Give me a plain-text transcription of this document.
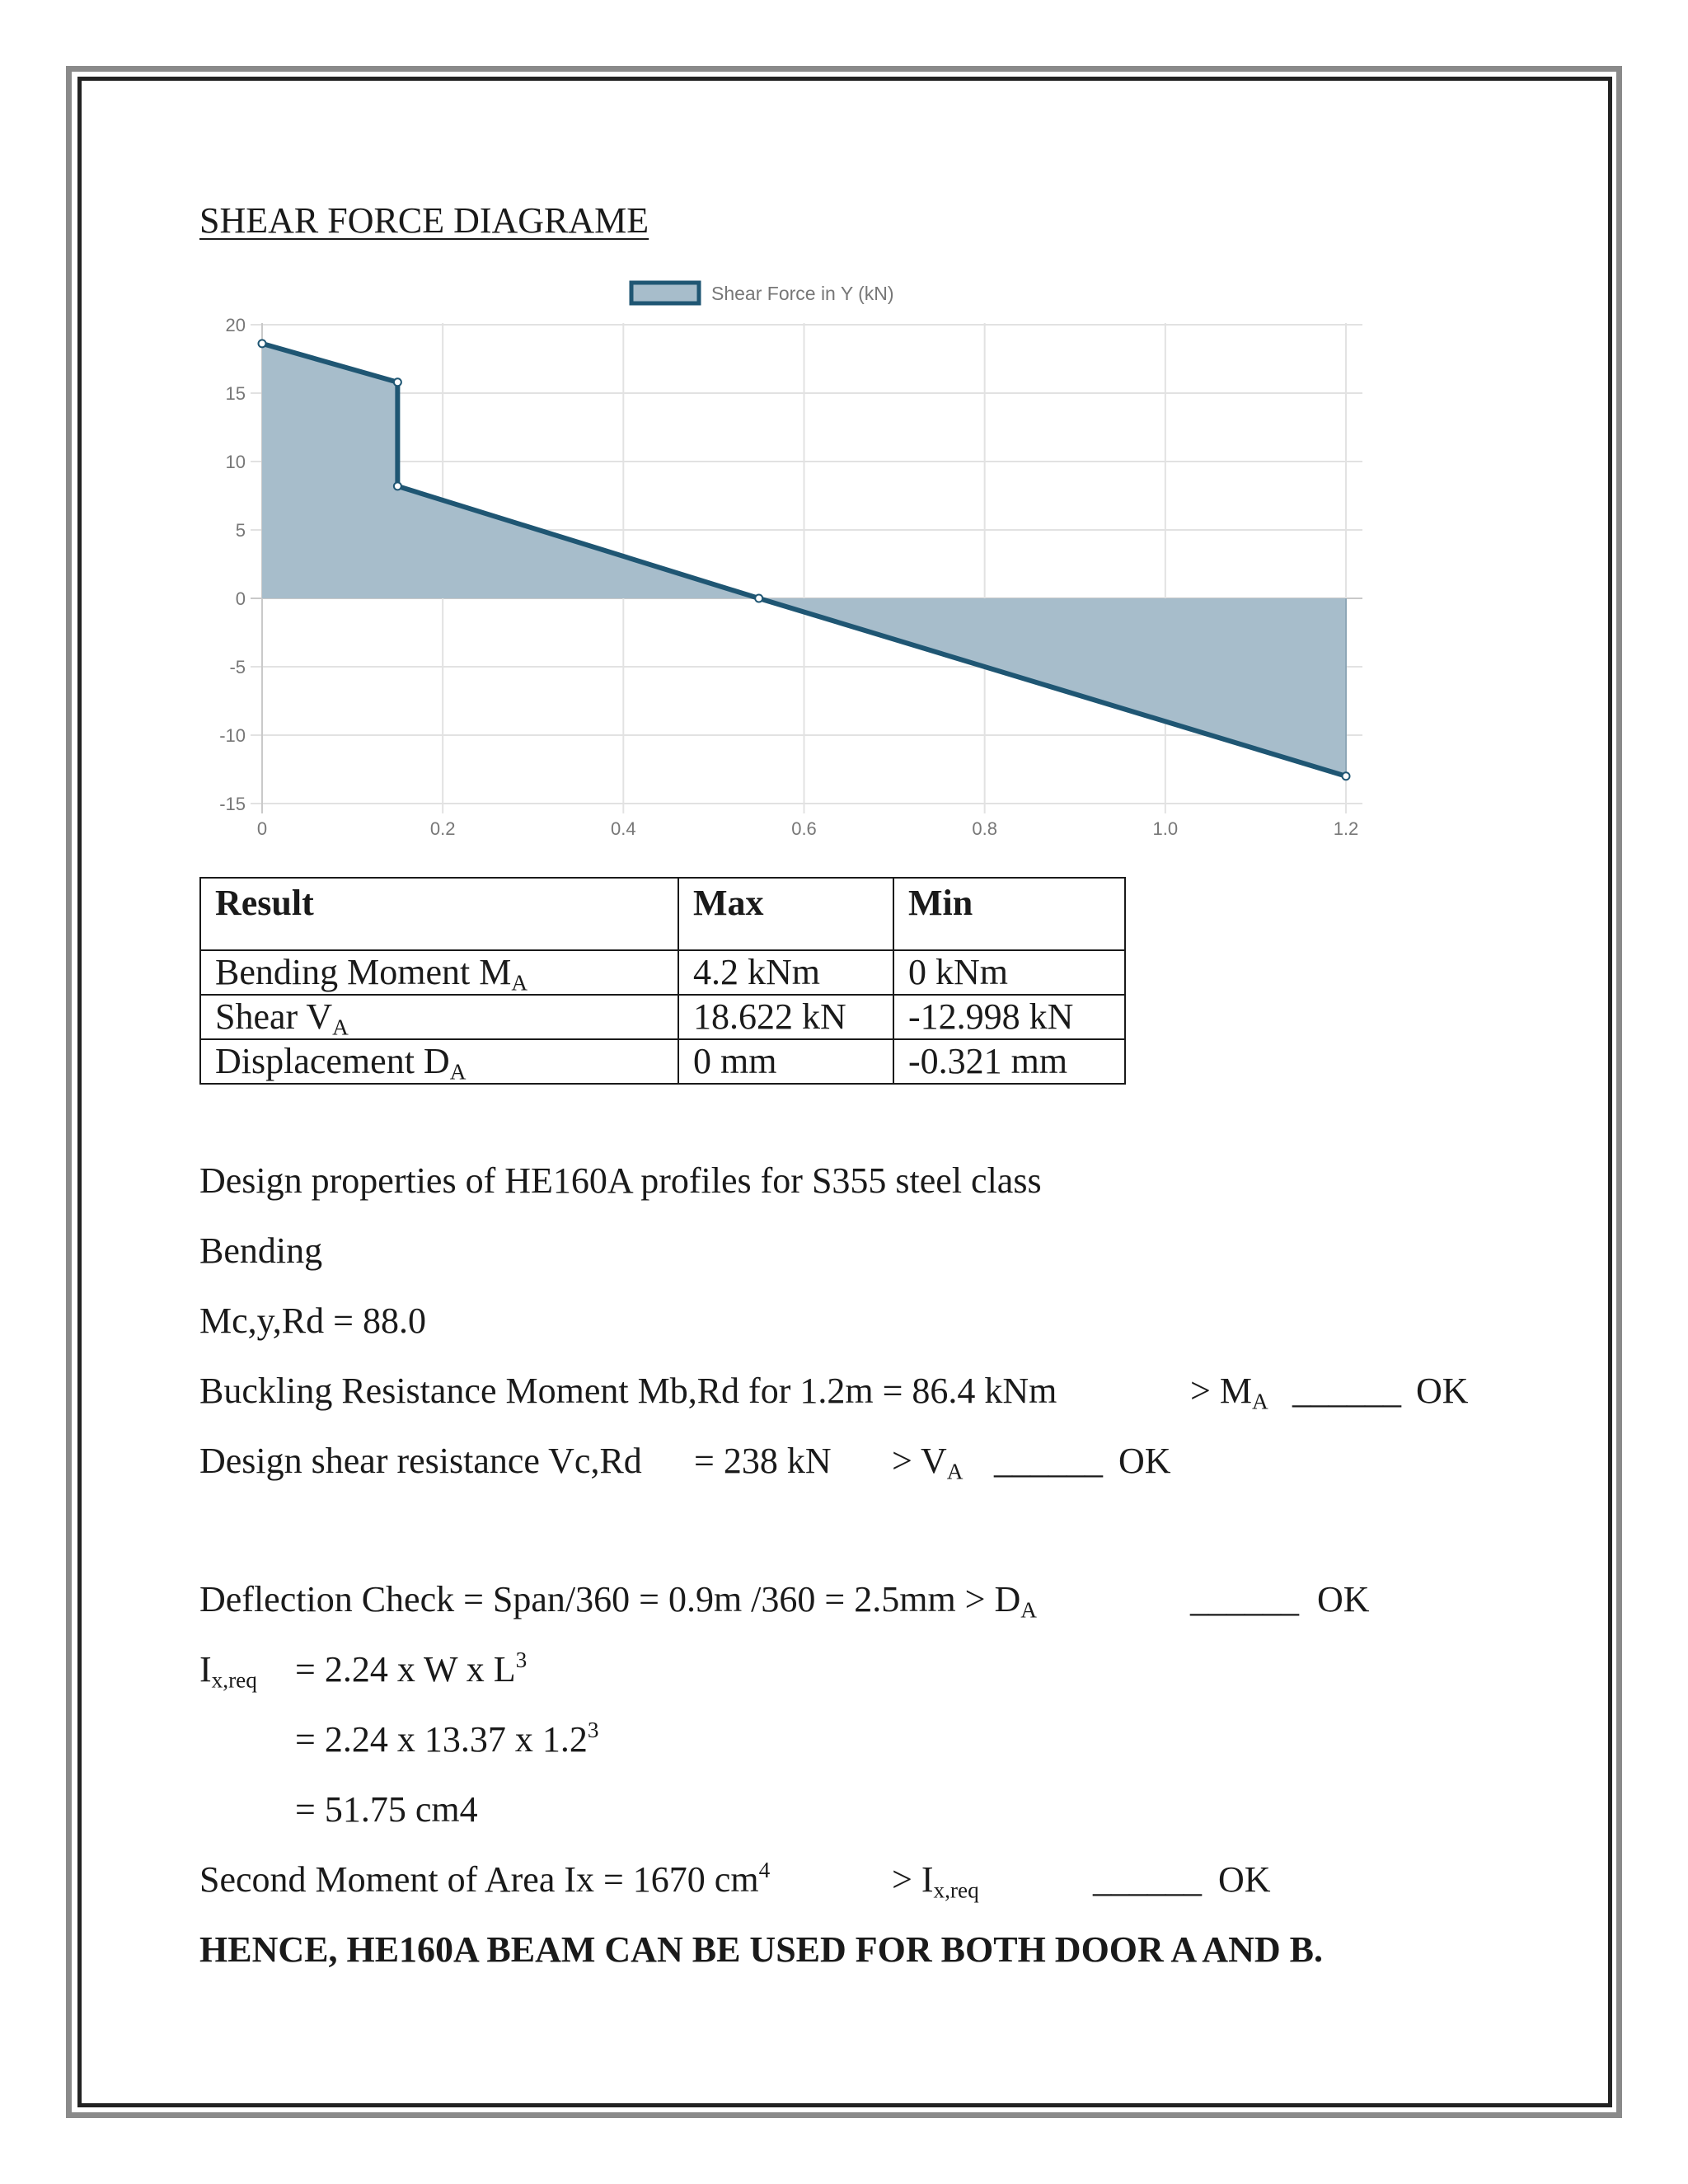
SHEAR FORCE DIAGRAME
20
15
10
5
0
-5
-10
-15
0	0.2	0.4	0.6	0.8	1.0	1.2
Shear Force in Y (kN)
Result	Max	Min
Bending Moment $M_A$	4.2 kNm	0 kNm
Shear $V_A$	18.622 kN	-12.998 kN
Displacement $D_A$	0 mm	-0.321 mm
Design properties of HE160A profiles for S355 steel class
Bending
Mc,y,Rd = 88.0
Buckling Resistance Moment Mb,Rd for 1.2m = 86.4 kNm	> $M_A$ ______ OK
Design shear resistance Vc,Rd = 238 kN > $V_A$ ______ OK
Deflection Check = Span/360 = 0.9m $/360 = 2.5mm > D_A$	______ OK
$I_{x,req} = 2.24$ x W x $L^3$
= 2.24 x 13.37 x $1.2^3$
= 51.75 cm4
Second Moment of Area Ix = 1670 $cm^4$	> $I_{x,req}$	______ OK
HENCE, HE160A BEAM CAN BE USED FOR BOTH DOOR A AND B.
